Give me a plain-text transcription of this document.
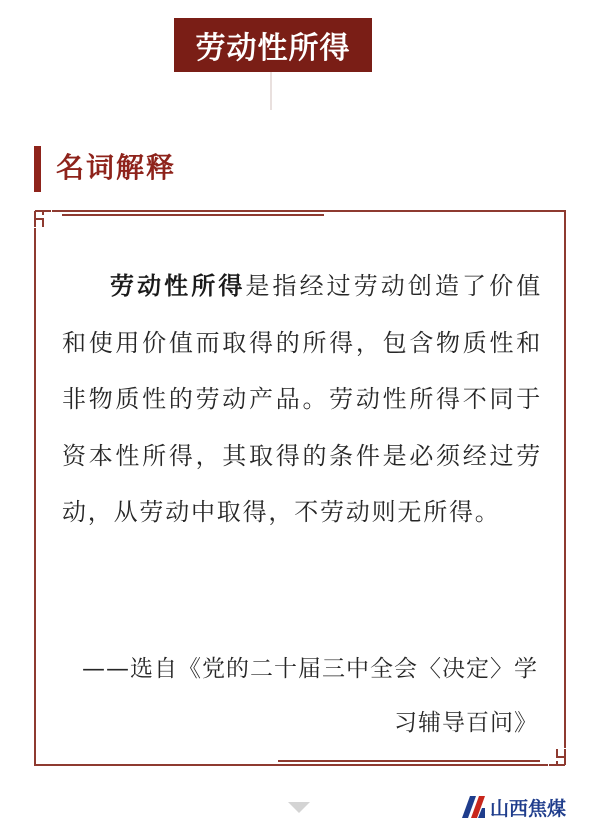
劳动性所得
名词解释

劳动性所得是指经过劳动创造了价值和使用价值而取得的所得，包含物质性和非物质性的劳动产品。劳动性所得不同于资本性所得，其取得的条件是必须经过劳动，从劳动中取得，不劳动则无所得。

——选自《党的二十届三中全会〈决定〉学习辅导百问》

山西焦煤
